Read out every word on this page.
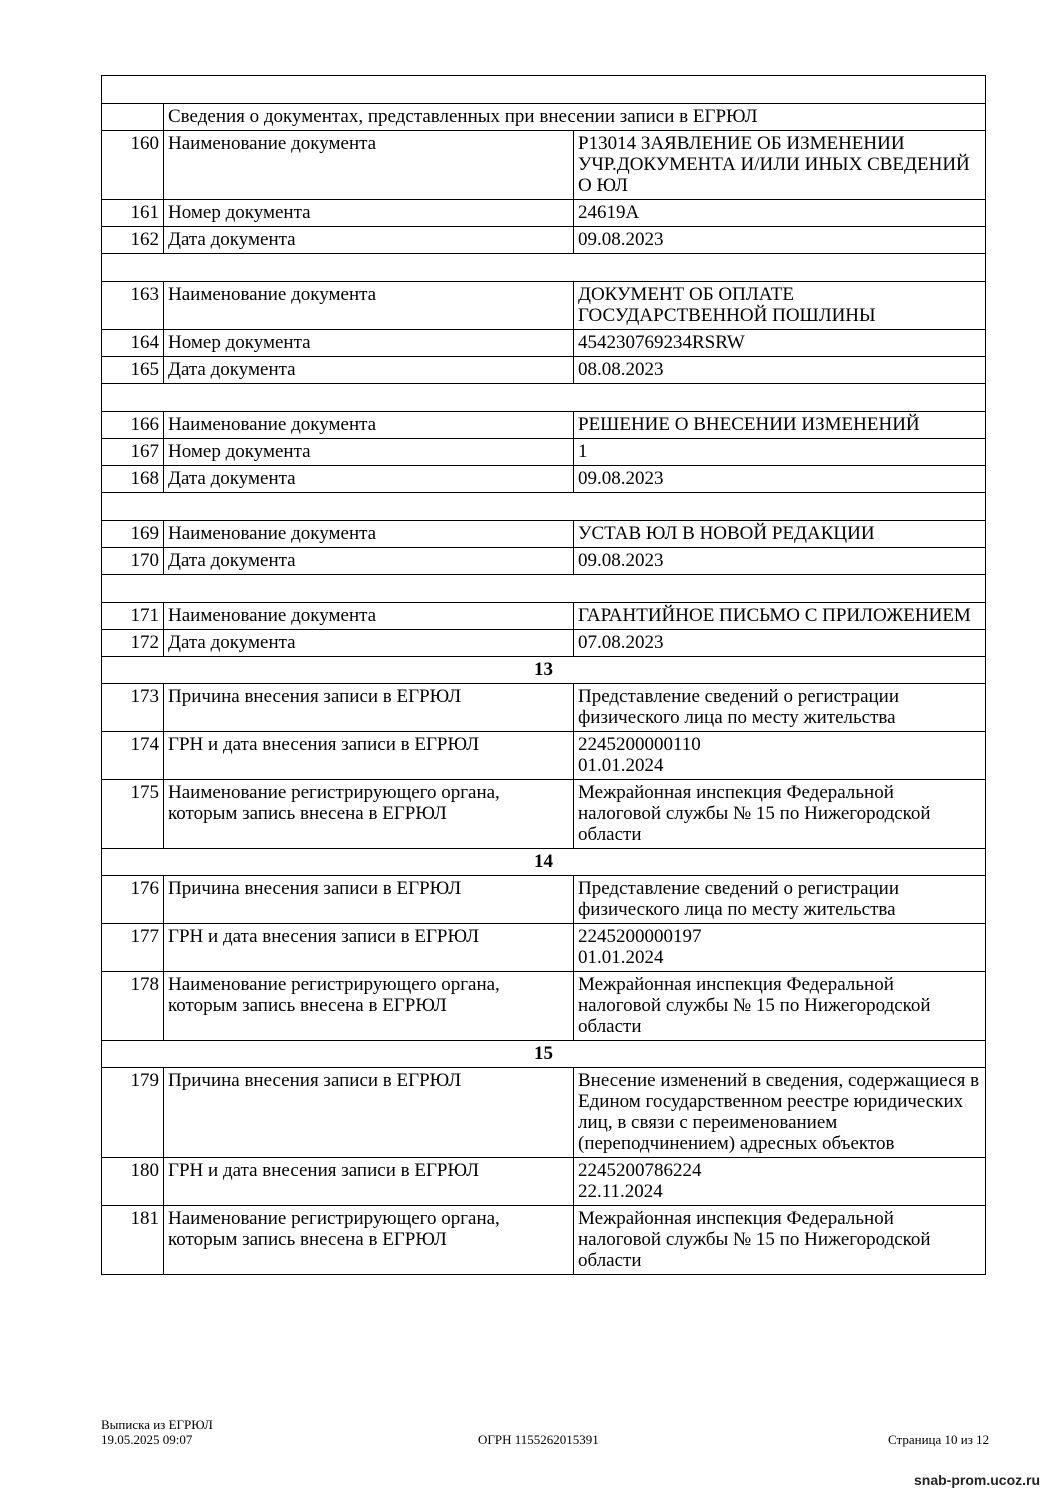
	Сведения о документах, представленных при внесении записи в ЕГРЮЛ	
160	Наименование документа	Р13014 ЗАЯВЛЕНИЕ ОБ ИЗМЕНЕНИИ УЧР.ДОКУМЕНТА И/ИЛИ ИНЫХ СВЕДЕНИЙ О ЮЛ
161	Номер документа	24619А
162	Дата документа	09.08.2023

163	Наименование документа	ДОКУМЕНТ ОБ ОПЛАТЕ ГОСУДАРСТВЕННОЙ ПОШЛИНЫ
164	Номер документа	454230769234RSRW
165	Дата документа	08.08.2023

166	Наименование документа	РЕШЕНИЕ О ВНЕСЕНИИ ИЗМЕНЕНИЙ
167	Номер документа	1
168	Дата документа	09.08.2023

169	Наименование документа	УСТАВ ЮЛ В НОВОЙ РЕДАКЦИИ
170	Дата документа	09.08.2023

171	Наименование документа	ГАРАНТИЙНОЕ ПИСЬМО С ПРИЛОЖЕНИЕМ
172	Дата документа	07.08.2023
13		
173	Причина внесения записи в ЕГРЮЛ	Представление сведений о регистрации физического лица по месту жительства
174	ГРН и дата внесения записи в ЕГРЮЛ	2245200000110
01.01.2024
175	Наименование регистрирующего органа, которым запись внесена в ЕГРЮЛ	Межрайонная инспекция Федеральной налоговой службы № 15 по Нижегородской области
14		
176	Причина внесения записи в ЕГРЮЛ	Представление сведений о регистрации физического лица по месту жительства
177	ГРН и дата внесения записи в ЕГРЮЛ	2245200000197
01.01.2024
178	Наименование регистрирующего органа, которым запись внесена в ЕГРЮЛ	Межрайонная инспекция Федеральной налоговой службы № 15 по Нижегородской области
15		
179	Причина внесения записи в ЕГРЮЛ	Внесение изменений в сведения, содержащиеся в Едином государственном реестре юридических лиц, в связи с переименованием (переподчинением) адресных объектов
180	ГРН и дата внесения записи в ЕГРЮЛ	2245200786224
22.11.2024
181	Наименование регистрирующего органа, которым запись внесена в ЕГРЮЛ	Межрайонная инспекция Федеральной налоговой службы № 15 по Нижегородской области
Выписка из ЕГРЮЛ
19.05.2025 09:07	ОГРН 1155262015391	Страница 10 из 12
snab-prom.ucoz.ru
